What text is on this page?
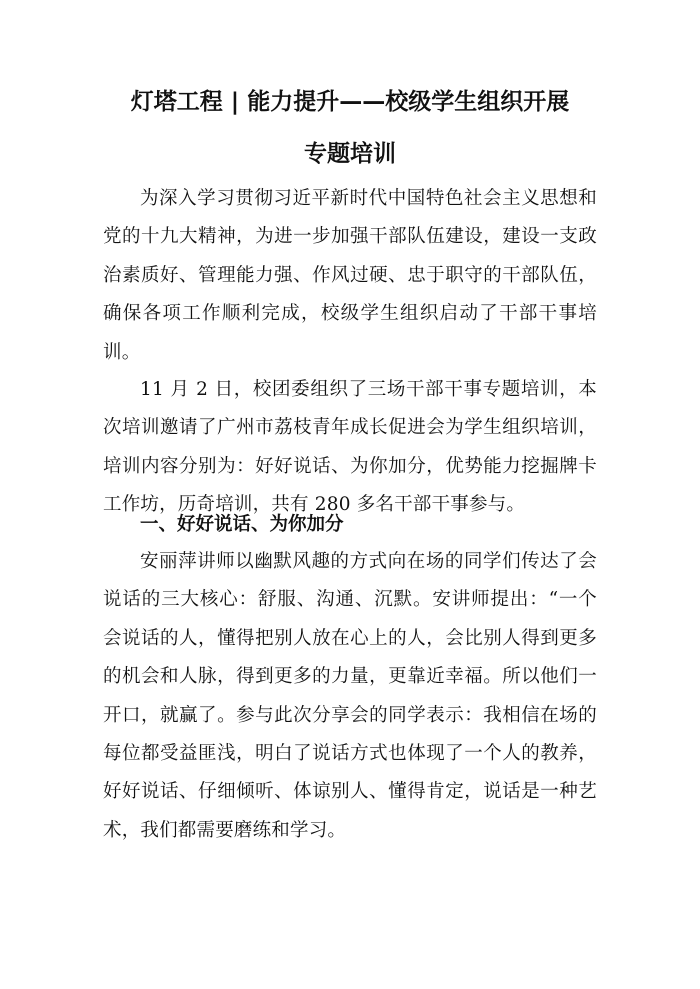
灯塔工程 | 能力提升——校级学生组织开展
专题培训

为深入学习贯彻习近平新时代中国特色社会主义思想和党的十九大精神，为进一步加强干部队伍建设，建设一支政治素质好、管理能力强、作风过硬、忠于职守的干部队伍，确保各项工作顺利完成，校级学生组织启动了干部干事培训。

11 月 2 日，校团委组织了三场干部干事专题培训，本次培训邀请了广州市荔枝青年成长促进会为学生组织培训，培训内容分别为：好好说话、为你加分，优势能力挖掘牌卡工作坊，历奇培训，共有 280 多名干部干事参与。

一、好好说话、为你加分

安丽萍讲师以幽默风趣的方式向在场的同学们传达了会说话的三大核心：舒服、沟通、沉默。安讲师提出：“一个会说话的人，懂得把别人放在心上的人，会比别人得到更多的机会和人脉，得到更多的力量，更靠近幸福。所以他们一开口，就赢了。参与此次分享会的同学表示：我相信在场的每位都受益匪浅，明白了说话方式也体现了一个人的教养，好好说话、仔细倾听、体谅别人、懂得肯定，说话是一种艺术，我们都需要磨练和学习。
